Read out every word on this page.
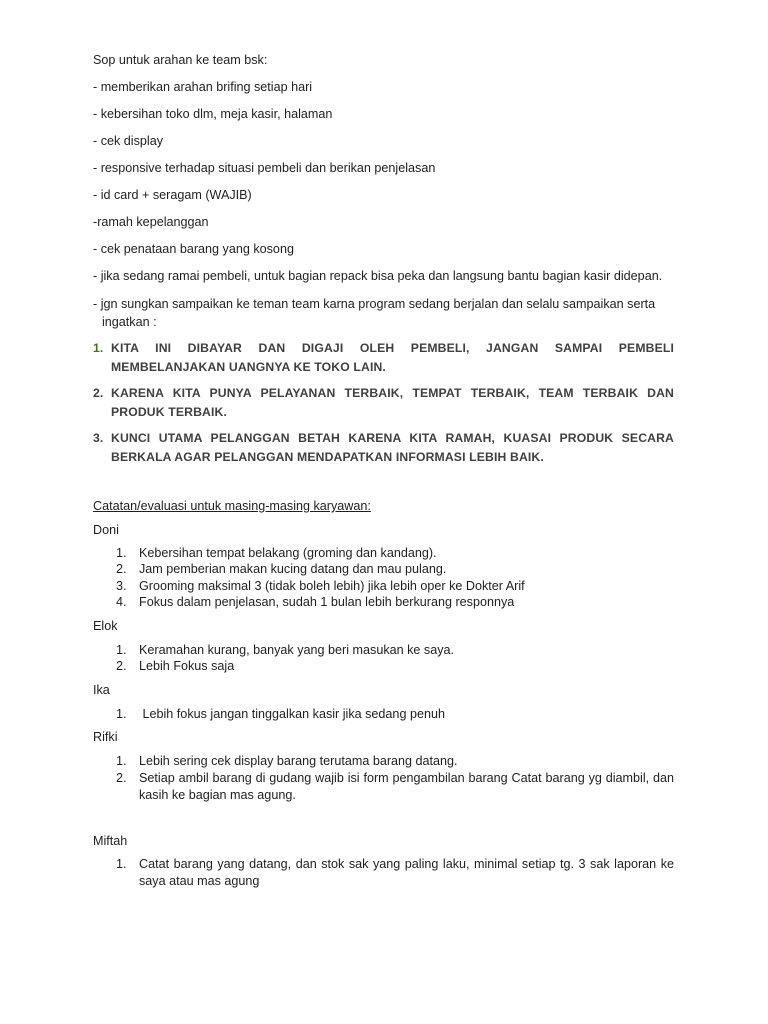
Sop untuk arahan ke team bsk:
- memberikan arahan brifing setiap hari
- kebersihan toko dlm, meja kasir, halaman
- cek display
- responsive terhadap situasi pembeli dan berikan penjelasan
- id card + seragam (WAJIB)
-ramah kepelanggan
- cek penataan barang yang kosong
- jika sedang ramai pembeli, untuk bagian repack bisa peka dan langsung bantu bagian kasir didepan.
- jgn sungkan sampaikan ke teman team karna program sedang berjalan dan selalu sampaikan serta
ingatkan :
1. KITA INI DIBAYAR DAN DIGAJI OLEH PEMBELI, JANGAN SAMPAI PEMBELI MEMBELANJAKAN UANGNYA KE TOKO LAIN.
2. KARENA KITA PUNYA PELAYANAN TERBAIK, TEMPAT TERBAIK, TEAM TERBAIK DAN PRODUK TERBAIK.
3. KUNCI UTAMA PELANGGAN BETAH KARENA KITA RAMAH, KUASAI PRODUK SECARA BERKALA AGAR PELANGGAN MENDAPATKAN INFORMASI LEBIH BAIK.
Catatan/evaluasi untuk masing-masing karyawan:
Doni
1. Kebersihan tempat belakang (groming dan kandang).
2. Jam pemberian makan kucing datang dan mau pulang.
3. Grooming maksimal 3 (tidak boleh lebih) jika lebih oper ke Dokter Arif
4. Fokus dalam penjelasan, sudah 1 bulan lebih berkurang responnya
Elok
1. Keramahan kurang, banyak yang beri masukan ke saya.
2. Lebih Fokus saja
Ika
1. Lebih fokus jangan tinggalkan kasir jika sedang penuh
Rifki
1. Lebih sering cek display barang terutama barang datang.
2. Setiap ambil barang di gudang wajib isi form pengambilan barang Catat barang yg diambil, dan kasih ke bagian mas agung.
Miftah
1. Catat barang yang datang, dan stok sak yang paling laku, minimal setiap tg. 3 sak laporan ke saya atau mas agung
